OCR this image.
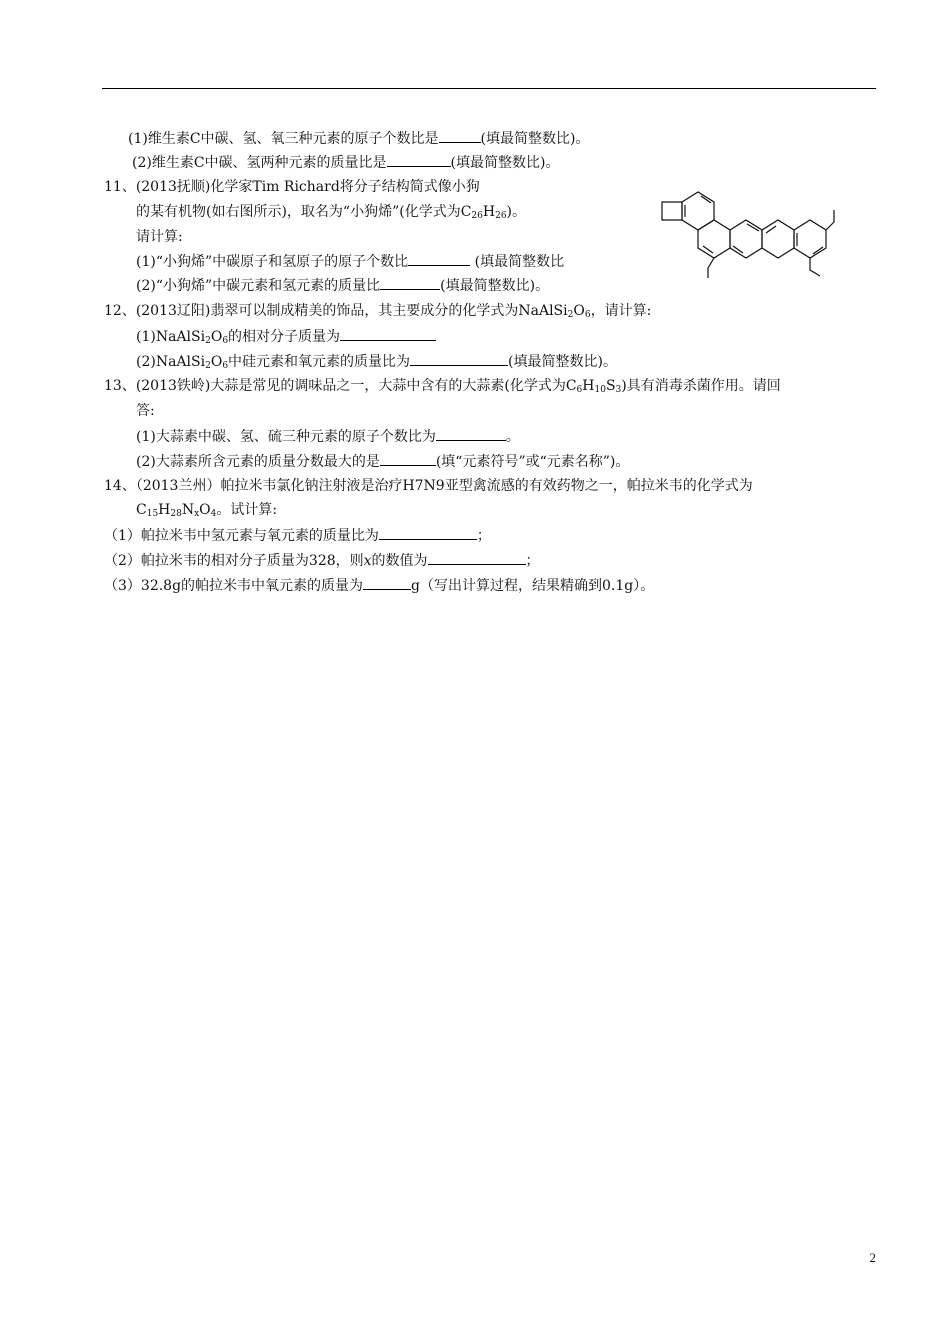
(1)维生素C中碳、氢、氧三种元素的原子个数比是	(填最简整数比)。
(2)维生素C中碳、氢两种元素的质量比是	(填最简整数比)。
11、(2013抚顺)化学家Tim Richard将分子结构简式像小狗
的某有机物(如右图所示)，取名为“小狗烯”(化学式为$C_{26}H_{26}$)。
请计算:
(1)“小狗烯”中碳原子和氢原子的原子个数比	(填最简整数比
(2)“小狗烯”中碳元素和氢元素的质量比	(填最简整数比)。
12、(2013辽阳)翡翠可以制成精美的饰品，其主要成分的化学式为$NaAlSi_2O_6$，请计算:
$(1)NaAlSi_2O_6$的相对分子质量为
$(2)NaAlSi_2O_6$中硅元素和氧元素的质量比为	(填最简整数比)。
13、(2013铁岭)大蒜是常见的调味品之一，大蒜中含有的大蒜素(化学式为$C_6H_{10}S_3$)具有消毒杀菌作用。请回
答:
(1)大蒜素中碳、氢、硫三种元素的原子个数比为	。
(2)大蒜素所含元素的质量分数最大的是	(填“元素符号”或“元素名称”)。
14、（2013兰州）帕拉米韦氯化钠注射液是治疗H7N9亚型禽流感的有效药物之一，帕拉米韦的化学式为
$C_{15}H_{28}N_xO_4$。试计算:
（1）帕拉米韦中氢元素与氧元素的质量比为	；
（2）帕拉米韦的相对分子质量为328，则x的数值为	；
（3）32.8g的帕拉米韦中氧元素的质量为	g（写出计算过程，结果精确到0.1g）。
2
